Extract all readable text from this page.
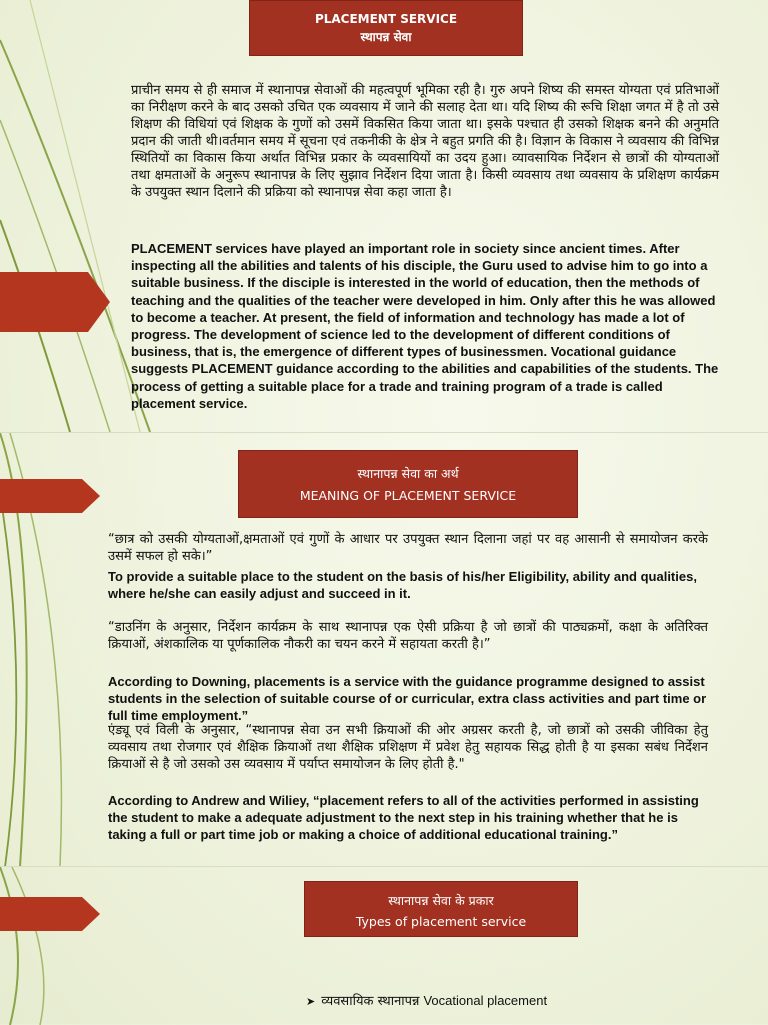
PLACEMENT SERVICE
स्थापन्न सेवा
प्राचीन समय से ही समाज में स्थानापन्न सेवाओं की महत्वपूर्ण भूमिका रही है। गुरु अपने शिष्य की समस्त योग्यता एवं प्रतिभाओं का निरीक्षण करने के बाद उसको उचित एक व्यवसाय में जाने की सलाह देता था। यदि शिष्य की रूचि शिक्षा जगत में है तो उसे शिक्षण की विधियां एवं शिक्षक के गुणों को उसमें विकसित किया जाता था। इसके पश्चात ही उसको शिक्षक बनने की अनुमति प्रदान की जाती थी।वर्तमान समय में सूचना एवं तकनीकी के क्षेत्र ने बहुत प्रगति की है। विज्ञान के विकास ने व्यवसाय की विभिन्न स्थितियों का विकास किया अर्थात विभिन्न प्रकार के व्यवसायियों का उदय हुआ। व्यावसायिक निर्देशन से छात्रों की योग्यताओं तथा क्षमताओं के अनुरूप स्थानापन्न के लिए सुझाव निर्देशन दिया जाता है। किसी व्यवसाय तथा व्यवसाय के प्रशिक्षण कार्यक्रम के उपयुक्त स्थान दिलाने की प्रक्रिया को स्थानापन्न सेवा कहा जाता है।
PLACEMENT services have played an important role in society since ancient times. After inspecting all the abilities and talents of his disciple, the Guru used to advise him to go into a suitable business. If the disciple is interested in the world of education, then the methods of teaching and the qualities of the teacher were developed in him. Only after this he was allowed to become a teacher. At present, the field of information and technology has made a lot of progress. The development of science led to the development of different conditions of business, that is, the emergence of different types of businessmen. Vocational guidance suggests PLACEMENT guidance according to the abilities and capabilities of the students. The process of getting a suitable place for a trade and training program of a trade is called placement service.
स्थानापन्न सेवा का अर्थ
MEANING OF PLACEMENT SERVICE
“छात्र को उसकी योग्यताओं,क्षमताओं एवं गुणों के आधार पर उपयुक्त स्थान दिलाना जहां पर वह आसानी से समायोजन करके उसमें सफल हो सके।”
To provide a suitable place to the student on the basis of his/her Eligibility, ability and qualities, where he/she can easily adjust and succeed in it.
“डाउनिंग के अनुसार, निर्देशन कार्यक्रम के साथ स्थानापन्न एक ऐसी प्रक्रिया है जो छात्रों की पाठ्यक्रमों, कक्षा के अतिरिक्त क्रियाओं, अंशकालिक या पूर्णकालिक नौकरी का चयन करने में सहायता करती है।”
According to Downing, placements is a service with the guidance programme designed to assist students in the selection of suitable course of or curricular, extra class activities and part time or full time employment.”
एंड्यू एवं विली के अनुसार, “स्थानापन्न सेवा उन सभी क्रियाओं की ओर अग्रसर करती है, जो छात्रों को उसकी जीविका हेतु व्यवसाय तथा रोजगार एवं शैक्षिक क्रियाओं तथा शैक्षिक प्रशिक्षण में प्रवेश हेतु सहायक सिद्ध होती है या इसका सबंध निर्देशन क्रियाओं से है जो उसको उस व्यवसाय में पर्याप्त समायोजन के लिए होती है."
According to Andrew and Wiliey, “placement refers to all of the activities performed in assisting the student to make a adequate adjustment to the next step in his training whether that he is taking a full or part time job or making a choice of additional educational training.”
स्थानापन्न सेवा के प्रकार
Types of placement service
➤ व्यवसायिक स्थानापन्न Vocational placement
